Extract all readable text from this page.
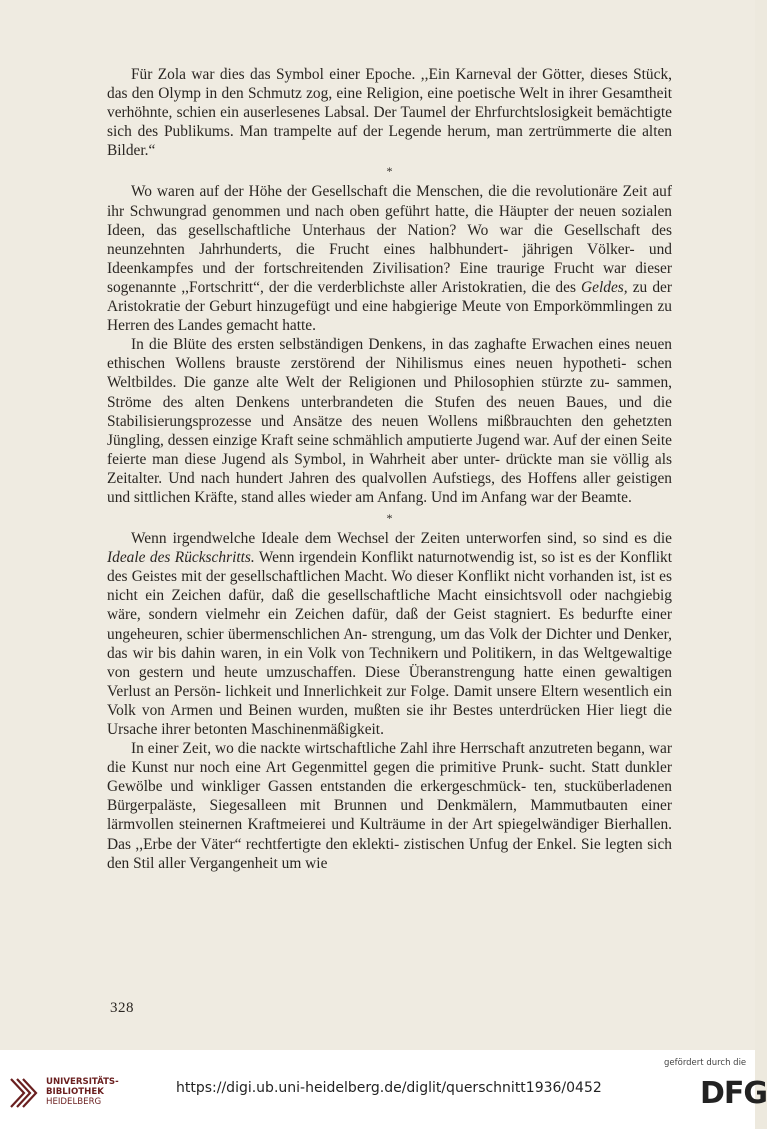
Für Zola war dies das Symbol einer Epoche. ,,Ein Karneval der Götter, dieses Stück, das den Olymp in den Schmutz zog, eine Religion, eine poetische Welt in ihrer Gesamtheit verhöhnte, schien ein auserlesenes Labsal. Der Taumel der Ehrfurchtslosigkeit bemächtigte sich des Publikums. Man trampelte auf der Legende herum, man zertrümmerte die alten Bilder.“

*

Wo waren auf der Höhe der Gesellschaft die Menschen, die die revolutionäre Zeit auf ihr Schwungrad genommen und nach oben geführt hatte, die Häupter der neuen sozialen Ideen, das gesellschaftliche Unterhaus der Nation? Wo war die Gesellschaft des neunzehnten Jahrhunderts, die Frucht eines halbhundert- jährigen Völker- und Ideenkampfes und der fortschreitenden Zivilisation? Eine traurige Frucht war dieser sogenannte ,,Fortschritt“, der die verderblichste aller Aristokratien, die des Geldes, zu der Aristokratie der Geburt hinzugefügt und eine habgierige Meute von Emporkömmlingen zu Herren des Landes gemacht hatte.

In die Blüte des ersten selbständigen Denkens, in das zaghafte Erwachen eines neuen ethischen Wollens brauste zerstörend der Nihilismus eines neuen hypotheti- schen Weltbildes. Die ganze alte Welt der Religionen und Philosophien stürzte zu- sammen, Ströme des alten Denkens unterbrandeten die Stufen des neuen Baues, und die Stabilisierungsprozesse und Ansätze des neuen Wollens mißbrauchten den gehetzten Jüngling, dessen einzige Kraft seine schmählich amputierte Jugend war. Auf der einen Seite feierte man diese Jugend als Symbol, in Wahrheit aber unter- drückte man sie völlig als Zeitalter. Und nach hundert Jahren des qualvollen Aufstiegs, des Hoffens aller geistigen und sittlichen Kräfte, stand alles wieder am Anfang. Und im Anfang war der Beamte.

*

Wenn irgendwelche Ideale dem Wechsel der Zeiten unterworfen sind, so sind es die Ideale des Rückschritts. Wenn irgendein Konflikt naturnotwendig ist, so ist es der Konflikt des Geistes mit der gesellschaftlichen Macht. Wo dieser Konflikt nicht vorhanden ist, ist es nicht ein Zeichen dafür, daß die gesellschaftliche Macht einsichtsvoll oder nachgiebig wäre, sondern vielmehr ein Zeichen dafür, daß der Geist stagniert. Es bedurfte einer ungeheuren, schier übermenschlichen An- strengung, um das Volk der Dichter und Denker, das wir bis dahin waren, in ein Volk von Technikern und Politikern, in das Weltgewaltige von gestern und heute umzuschaffen. Diese Überanstrengung hatte einen gewaltigen Verlust an Persön- lichkeit und Innerlichkeit zur Folge. Damit unsere Eltern wesentlich ein Volk von Armen und Beinen wurden, mußten sie ihr Bestes unterdrücken Hier liegt die Ursache ihrer betonten Maschinenmäßigkeit.

In einer Zeit, wo die nackte wirtschaftliche Zahl ihre Herrschaft anzutreten begann, war die Kunst nur noch eine Art Gegenmittel gegen die primitive Prunk- sucht. Statt dunkler Gewölbe und winkliger Gassen entstanden die erkergeschmück- ten, stucküberladenen Bürgerpaläste, Siegesalleen mit Brunnen und Denkmälern, Mammutbauten einer lärmvollen steinernen Kraftmeierei und Kulträume in der Art spiegelwändiger Bierhallen. Das ,,Erbe der Väter“ rechtfertigte den eklekti- zistischen Unfug der Enkel. Sie legten sich den Stil aller Vergangenheit um wie

328
UNIVERSITÄTS-
BIBLIOTHEK
HEIDELBERG
https://digi.ub.uni-heidelberg.de/diglit/querschnitt1936/0452
gefördert durch die
DFG
